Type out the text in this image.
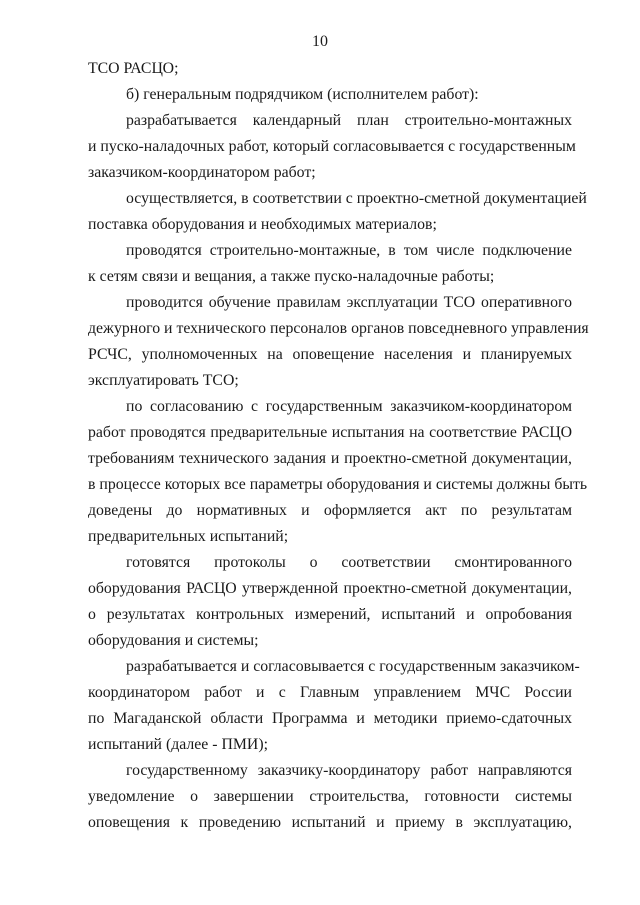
10
ТСО РАСЦО;
б) генеральным подрядчиком (исполнителем работ):
разрабатывается календарный план строительно-монтажных
и пуско-наладочных работ, который согласовывается с государственным
заказчиком-координатором работ;
осуществляется, в соответствии с проектно-сметной документацией
поставка оборудования и необходимых материалов;
проводятся строительно-монтажные, в том числе подключение
к сетям связи и вещания, а также пуско-наладочные работы;
проводится обучение правилам эксплуатации ТСО оперативного
дежурного и технического персоналов органов повседневного управления
РСЧС, уполномоченных на оповещение населения и планируемых
эксплуатировать ТСО;
по согласованию с государственным заказчиком-координатором
работ проводятся предварительные испытания на соответствие РАСЦО
требованиям технического задания и проектно-сметной документации,
в процессе которых все параметры оборудования и системы должны быть
доведены до нормативных и оформляется акт по результатам
предварительных испытаний;
готовятся протоколы о соответствии смонтированного
оборудования РАСЦО утвержденной проектно-сметной документации,
о результатах контрольных измерений, испытаний и опробования
оборудования и системы;
разрабатывается и согласовывается с государственным заказчиком-
координатором работ и с Главным управлением МЧС России
по Магаданской области Программа и методики приемо-сдаточных
испытаний (далее - ПМИ);
государственному заказчику-координатору работ направляются
уведомление о завершении строительства, готовности системы
оповещения к проведению испытаний и приему в эксплуатацию,
